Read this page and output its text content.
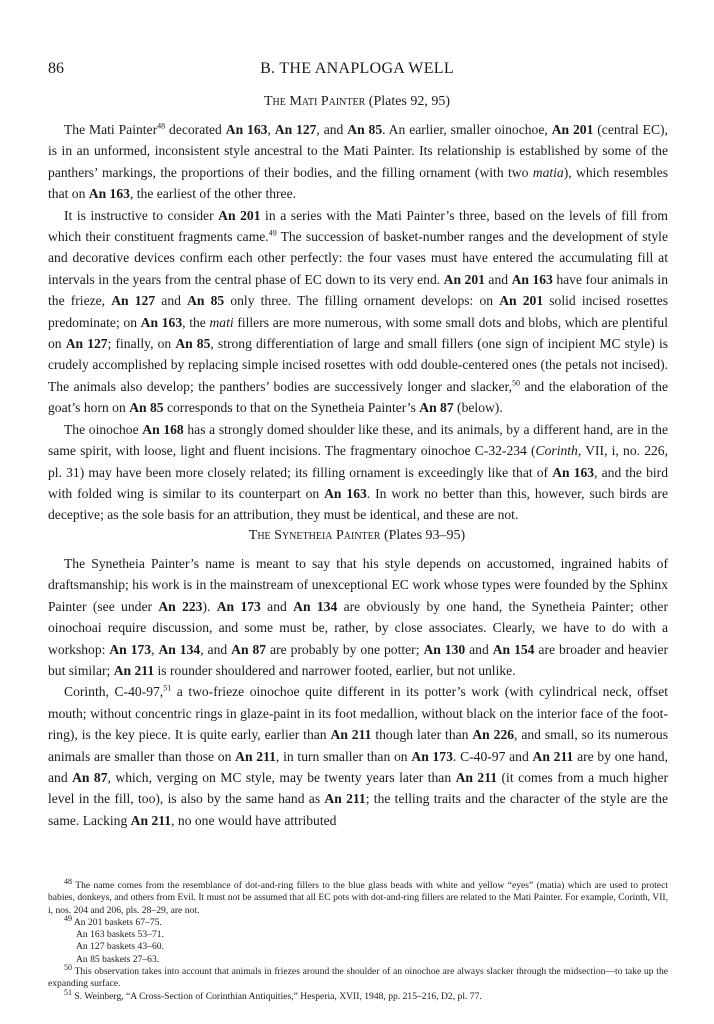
86	B. THE ANAPLOGA WELL
The Mati Painter (Plates 92, 95)

The Mati Painter$^{48}$ decorated An 163, An 127, and An 85. An earlier, smaller oinochoe, An 201 (central EC), is in an unformed, inconsistent style ancestral to the Mati Painter. Its relationship is established by some of the panthers’ markings, the proportions of their bodies, and the filling ornament (with two matia), which resembles that on An 163, the earliest of the other three.

It is instructive to consider An 201 in a series with the Mati Painter’s three, based on the levels of fill from which their constituent fragments came.$^{49}$ The succession of basket-number ranges and the development of style and decorative devices confirm each other perfectly: the four vases must have entered the accumulating fill at intervals in the years from the central phase of EC down to its very end. An 201 and An 163 have four animals in the frieze, An 127 and An 85 only three. The filling ornament develops: on An 201 solid incised rosettes predominate; on An 163, the mati fillers are more numerous, with some small dots and blobs, which are plentiful on An 127; finally, on An 85, strong differentiation of large and small fillers (one sign of incipient MC style) is crudely accomplished by replacing simple incised rosettes with odd double-centered ones (the petals not incised). The animals also develop; the panthers’ bodies are successively longer and slacker,$^{50}$ and the elaboration of the goat’s horn on An 85 corresponds to that on the Synetheia Painter’s An 87 (below).

The oinochoe An 168 has a strongly domed shoulder like these, and its animals, by a different hand, are in the same spirit, with loose, light and fluent incisions. The fragmentary oinochoe C-32-234 (Corinth, VII, i, no. 226, pl. 31) may have been more closely related; its filling ornament is exceedingly like that of An 163, and the bird with folded wing is similar to its counterpart on An 163. In work no better than this, however, such birds are deceptive; as the sole basis for an attribution, they must be identical, and these are not.

The Synetheia Painter (Plates 93–95)

The Synetheia Painter’s name is meant to say that his style depends on accustomed, ingrained habits of draftsmanship; his work is in the mainstream of unexceptional EC work whose types were founded by the Sphinx Painter (see under An 223). An 173 and An 134 are obviously by one hand, the Synetheia Painter; other oinochoai require discussion, and some must be, rather, by close associates. Clearly, we have to do with a workshop: An 173, An 134, and An 87 are probably by one potter; An 130 and An 154 are broader and heavier but similar; An 211 is rounder shouldered and narrower footed, earlier, but not unlike.

Corinth, C-40-97,51 a two-frieze oinochoe quite different in its potter’s work (with cylindrical neck, offset mouth; without concentric rings in glaze-paint in its foot medallion, without black on the interior face of the foot-ring), is the key piece. It is quite early, earlier than An 211 though later than An 226, and small, so its numerous animals are smaller than those on An 211, in turn smaller than on An 173. C-40-97 and An 211 are by one hand, and An 87, which, verging on MC style, may be twenty years later than An 211 (it comes from a much higher level in the fill, too), is also by the same hand as An 211; the telling traits and the character of the style are the same. Lacking An 211, no one would have attributed

$^{48}$ The name comes from the resemblance of dot-and-ring fillers to the blue glass beads with white and yellow “eyes” (matia) which are used to protect babies, donkeys, and others from Evil. It must not be assumed that all EC pots with dot-and-ring fillers are related to the Mati Painter. For example, Corinth, VII, i, nos. 204 and 206, pls. 28–29, are not.

$^{49}$ An 201 baskets 67–75.

An 163 baskets 53–71.

An 127 baskets 43–60.

An 85 baskets 27–63.

$^{50}$ This observation takes into account that animals in friezes around the shoulder of an oinochoe are always slacker through the midsection—to take up the expanding surface.

$^{51}$ S. Weinberg, “A Cross-Section of Corinthian Antiquities,” Hesperia, XVII, 1948, pp. 215–216, D2, pl. 77.
